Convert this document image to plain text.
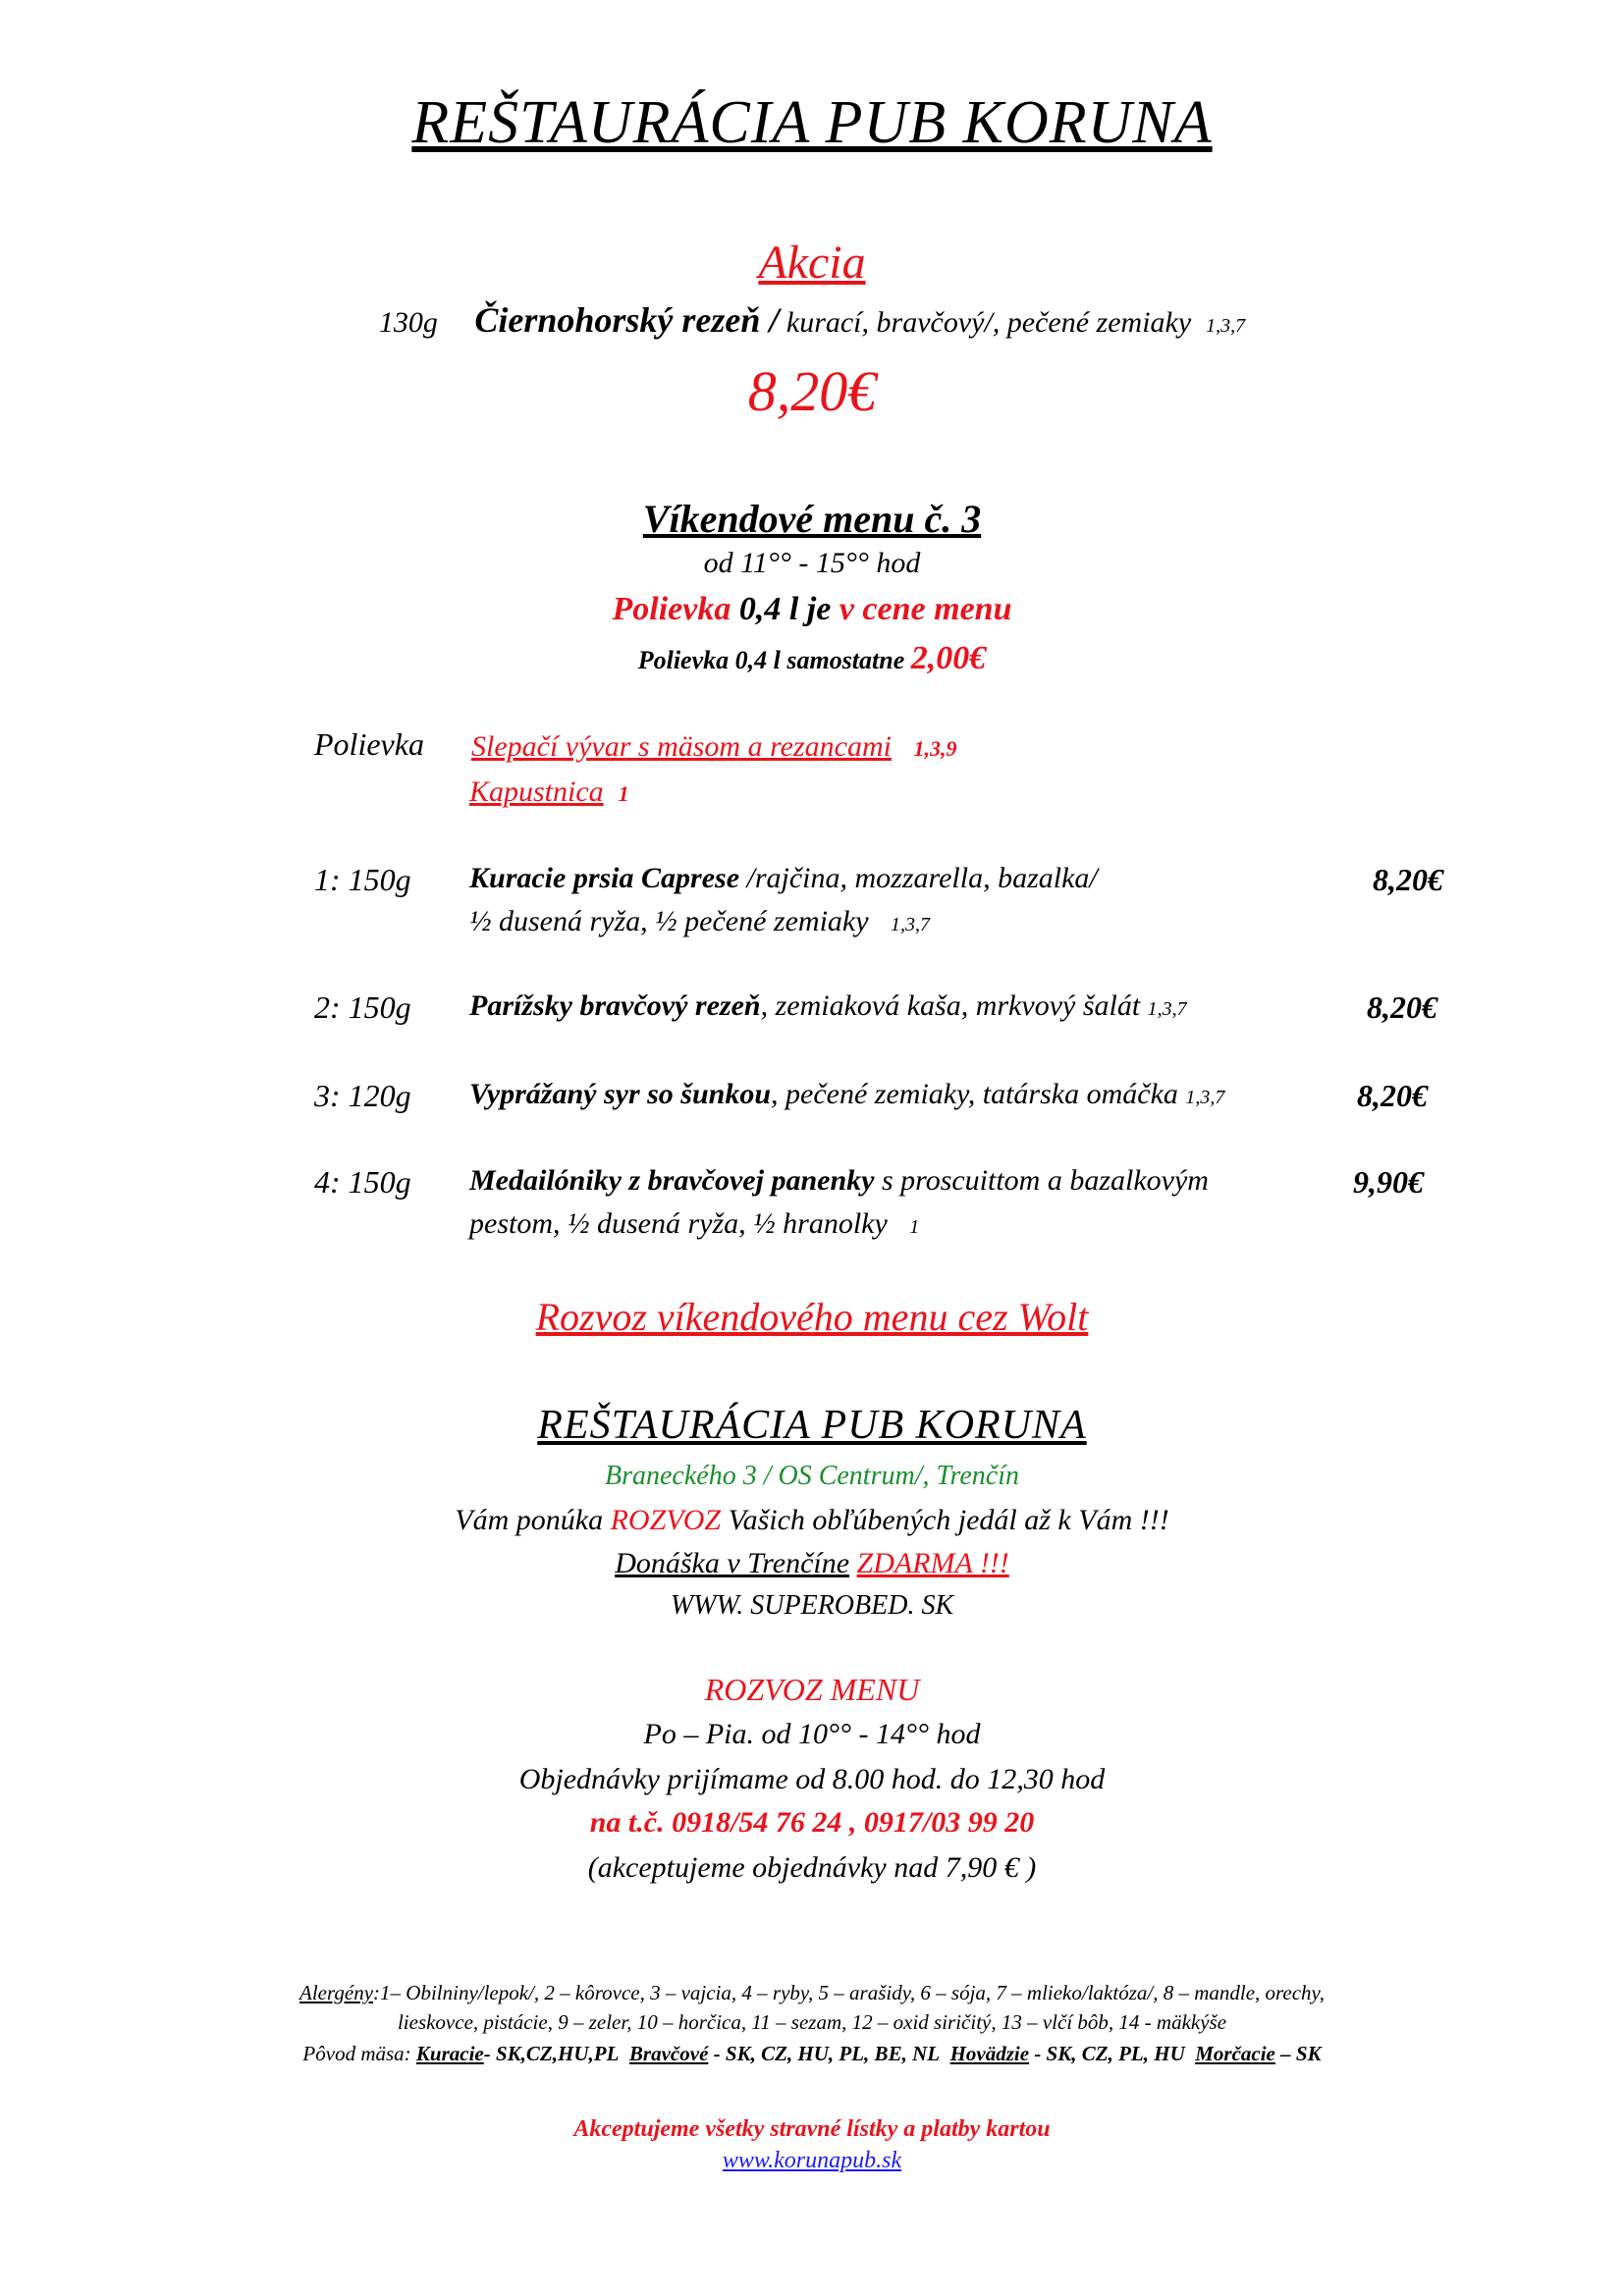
REŠTAURÁCIA PUB KORUNA
Akcia
130g Čiernohorský rezeň / kurací, bravčový/, pečené zemiaky 1,3,7
8,20€
Víkendové menu č. 3
od 11°° - 15°° hod
Polievka 0,4 l je v cene menu
Polievka 0,4 l samostatne 2,00€
Polievka Slepačí vývar s mäsom a rezancami 1,3,9
Kapustnica 1
1: 150g Kuracie prsia Caprese /rajčina, mozzarella, bazalka/	8,20€
½ dusená ryža, ½ pečené zemiaky 1,3,7
2: 150g Parížsky bravčový rezeň, zemiaková kaša, mrkvový šalát 1,3,7	8,20€
3: 120g Vyprážaný syr so šunkou, pečené zemiaky, tatárska omáčka 1,3,7	8,20€
4: 150g Medailóniky z bravčovej panenky s proscuittom a bazalkovým	9,90€
pestom, ½ dusená ryža, ½ hranolky 1
Rozvoz víkendového menu cez Wolt
REŠTAURÁCIA PUB KORUNA
Braneckého 3 / OS Centrum/, Trenčín
Vám ponúka ROZVOZ Vašich obľúbených jedál až k Vám !!!
Donáška v Trenčíne ZDARMA !!!
WWW. SUPEROBED. SK
ROZVOZ MENU
Po – Pia. od 10°° - 14°° hod
Objednávky prijímame od 8.00 hod. do 12,30 hod
na t.č. 0918/54 76 24 , 0917/03 99 20
(akceptujeme objednávky nad 7,90 € )
Alergény:1– Obilniny/lepok/, 2 – kôrovce, 3 – vajcia, 4 – ryby, 5 – arašidy, 6 – sója, 7 – mlieko/laktóza/, 8 – mandle, orechy,
lieskovce, pistácie, 9 – zeler, 10 – horčica, 11 – sezam, 12 – oxid siričitý, 13 – vlčí bôb, 14 - mäkkýše
Pôvod mäsa: Kuracie- SK,CZ,HU,PL Bravčové - SK, CZ, HU, PL, BE, NL Hovädzie - SK, CZ, PL, HU Morčacie – SK
Akceptujeme všetky stravné lístky a platby kartou
www.korunapub.sk
